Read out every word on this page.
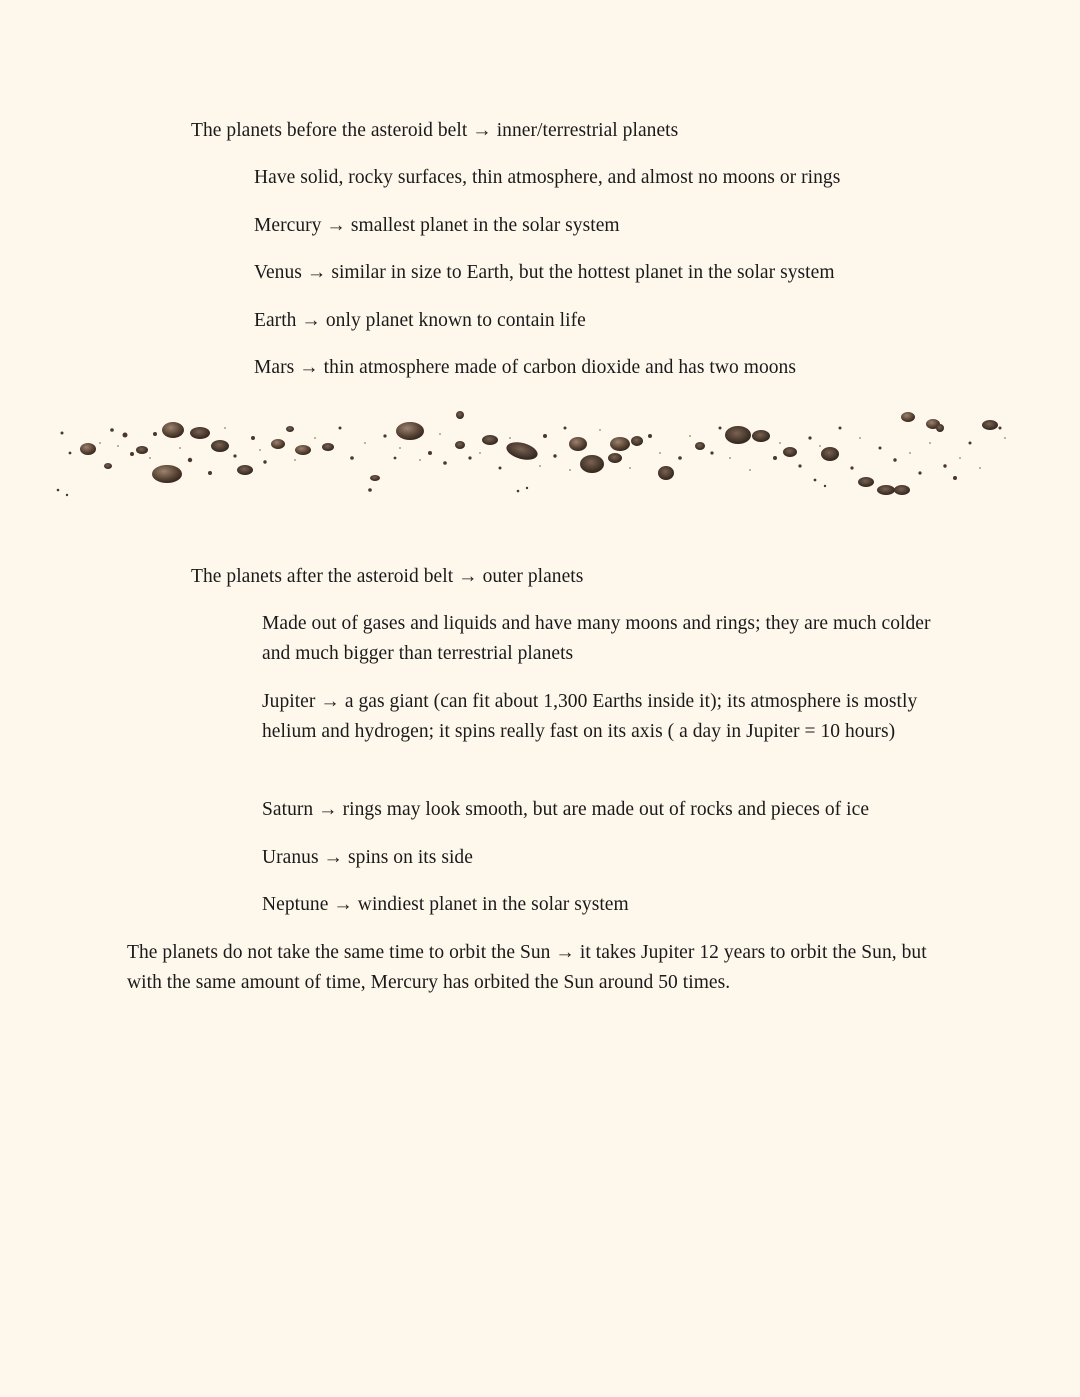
The planets before the asteroid belt → inner/terrestrial planets
Have solid, rocky surfaces, thin atmosphere, and almost no moons or rings
Mercury → smallest planet in the solar system
Venus → similar in size to Earth, but the hottest planet in the solar system
Earth → only planet known to contain life
Mars → thin atmosphere made of carbon dioxide and has two moons
The planets after the asteroid belt → outer planets
Made out of gases and liquids and have many moons and rings; they are much colder and much bigger than terrestrial planets
Jupiter → a gas giant (can fit about 1,300 Earths inside it); its atmosphere is mostly helium and hydrogen; it spins really fast on its axis ( a day in Jupiter = 10 hours)
Saturn → rings may look smooth, but are made out of rocks and pieces of ice
Uranus → spins on its side
Neptune → windiest planet in the solar system
The planets do not take the same time to orbit the Sun → it takes Jupiter 12 years to orbit the Sun, but with the same amount of time, Mercury has orbited the Sun around 50 times.
